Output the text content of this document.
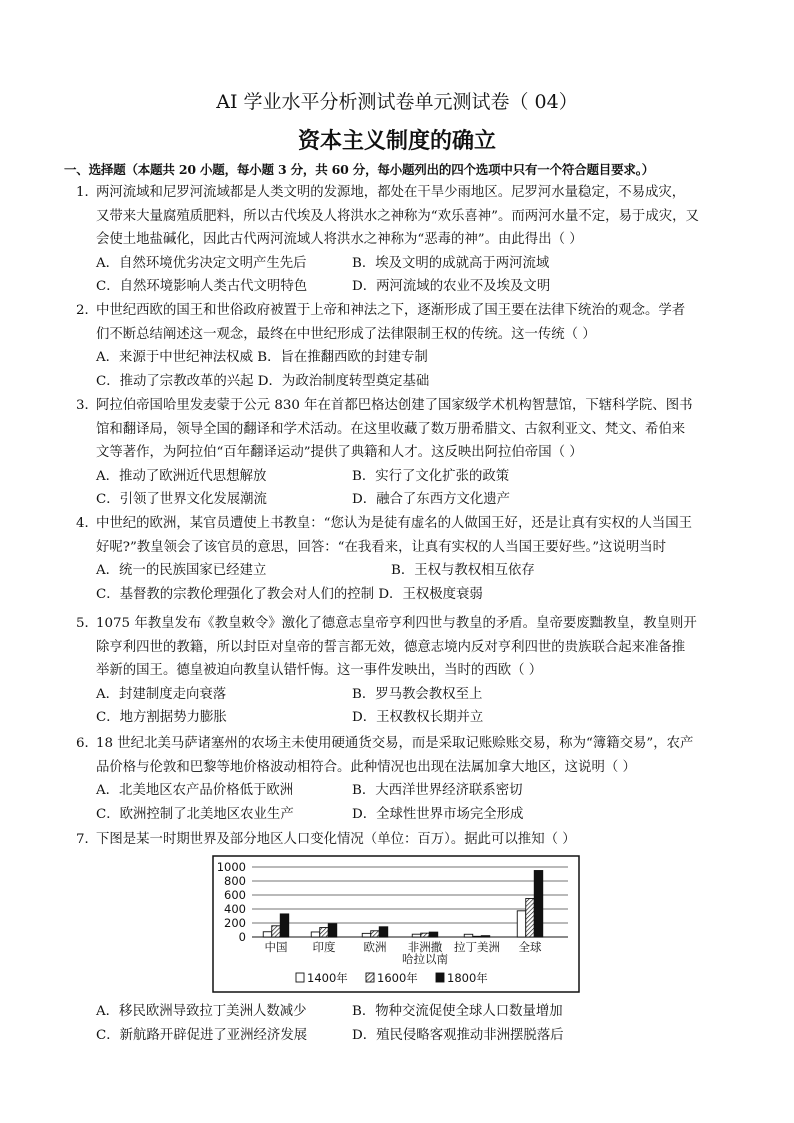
AI 学业水平分析测试卷单元测试卷（ 04）
资本主义制度的确立
一、选择题（本题共 20 小题，每小题 3 分，共 60 分，每小题列出的四个选项中只有一个符合题目要求。）
1．两河流域和尼罗河流域都是人类文明的发源地，都处在干旱少雨地区。尼罗河水量稳定，不易成灾，
又带来大量腐殖质肥料，所以古代埃及人将洪水之神称为“欢乐喜神”。而两河水量不定，易于成灾，又
会使土地盐碱化，因此古代两河流域人将洪水之神称为“恶毒的神”。由此得出（ ）
A．自然环境优劣决定文明产生先后	B．埃及文明的成就高于两河流域
C．自然环境影响人类古代文明特色	D．两河流域的农业不及埃及文明
2．中世纪西欧的国王和世俗政府被置于上帝和神法之下，逐渐形成了国王要在法律下统治的观念。学者
们不断总结阐述这一观念，最终在中世纪形成了法律限制王权的传统。这一传统（ ）
A．来源于中世纪神法权威 B．旨在推翻西欧的封建专制
C．推动了宗教改革的兴起 D．为政治制度转型奠定基础
3．阿拉伯帝国哈里发麦蒙于公元 830 年在首都巴格达创建了国家级学术机构智慧馆，下辖科学院、图书
馆和翻译局，领导全国的翻译和学术活动。在这里收藏了数万册希腊文、古叙利亚文、梵文、希伯来
文等著作，为阿拉伯“百年翻译运动”提供了典籍和人才。这反映出阿拉伯帝国（ ）
A．推动了欧洲近代思想解放	B．实行了文化扩张的政策
C．引领了世界文化发展潮流	D．融合了东西方文化遗产
4．中世纪的欧洲，某官员遭使上书教皇：“您认为是徒有虚名的人做国王好，还是让真有实权的人当国王
好呢?”教皇领会了该官员的意思，回答：“在我看来，让真有实权的人当国王要好些。”这说明当时
A．统一的民族国家已经建立	B．王权与教权相互依存
C．基督教的宗教伦理强化了教会对人们的控制 D．王权极度衰弱
5．1075 年教皇发布《教皇敕令》激化了德意志皇帝亨利四世与教皇的矛盾。皇帝要废黜教皇，教皇则开
除亨利四世的教籍，所以封臣对皇帝的誓言都无效，德意志境内反对亨利四世的贵族联合起来准备推
举新的国王。德皇被迫向教皇认错忏悔。这一事件发映出，当时的西欧（ ）
A．封建制度走向衰落	B．罗马教会教权至上
C．地方割据势力膨胀	D．王权教权长期并立
6．18 世纪北美马萨诸塞州的农场主未使用硬通货交易，而是采取记账赊账交易，称为“簿籍交易”，农产
品价格与伦敦和巴黎等地价格波动相符合。此种情况也出现在法属加拿大地区，这说明（ ）
A．北美地区农产品价格低于欧洲	B．大西洋世界经济联系密切
C．欧洲控制了北美地区农业生产	D．全球性世界市场完全形成
7．下图是某一时期世界及部分地区人口变化情况（单位：百万）。据此可以推知（ ）
1000
800
600
400
200
0
中国 印度 欧洲 非洲撒
哈拉以南
拉丁美洲 全球
1400年	1600年	1800年
A．移民欧洲导致拉丁美洲人数减少	B．物种交流促使全球人口数量增加
C．新航路开辟促进了亚洲经济发展	D．殖民侵略客观推动非洲摆脱落后
